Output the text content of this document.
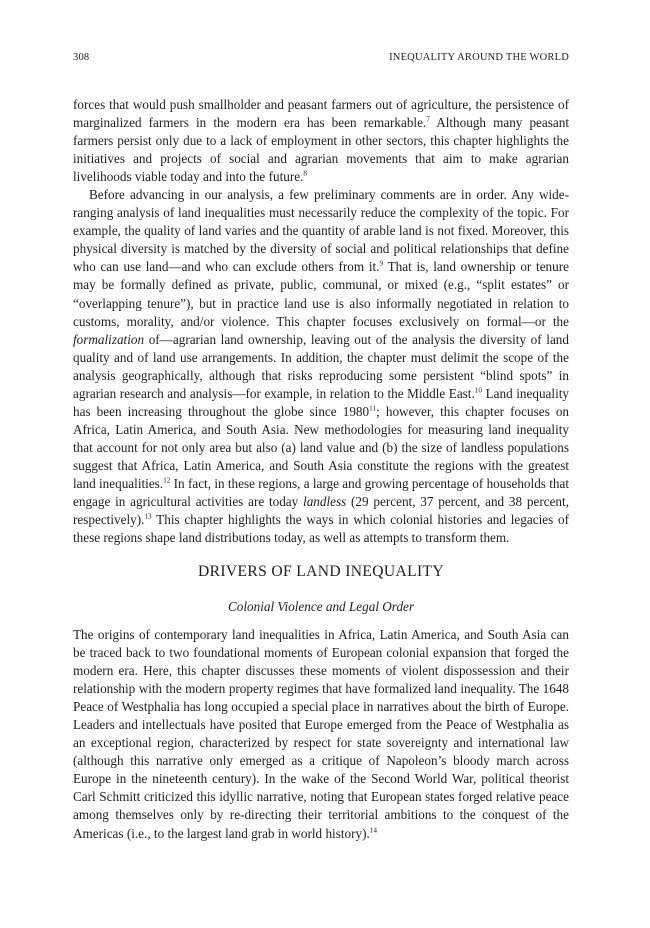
308	INEQUALITY AROUND THE WORLD

forces that would push smallholder and peasant farmers out of agriculture, the persistence of marginalized farmers in the modern era has been remarkable.$^7$ Although many peasant farmers persist only due to a lack of employment in other sectors, this chapter highlights the initiatives and projects of social and agrarian movements that aim to make agrarian livelihoods viable today and into the future.$^8$

Before advancing in our analysis, a few preliminary comments are in order. Any wide-ranging analysis of land inequalities must necessarily reduce the complexity of the topic. For example, the quality of land varies and the quantity of arable land is not fixed. Moreover, this physical diversity is matched by the diversity of social and political relationships that define who can use land—and who can exclude others from it.$^9$ That is, land ownership or tenure may be formally defined as private, public, communal, or mixed (e.g., “split estates” or “overlapping tenure”), but in practice land use is also informally negotiated in relation to customs, morality, and/or violence. This chapter focuses exclusively on formal—or the formalization of—agrarian land ownership, leaving out of the analysis the diversity of land quality and of land use arrangements. In addition, the chapter must delimit the scope of the analysis geographically, although that risks reproducing some persistent “blind spots” in agrarian research and analysis—for example, in relation to the Middle East.$^{10}$ Land inequality has been increasing throughout the globe since 1980$^{11}$; however, this chapter focuses on Africa, Latin America, and South Asia. New methodologies for measuring land inequality that account for not only area but also (a) land value and (b) the size of landless populations suggest that Africa, Latin America, and South Asia constitute the regions with the greatest land inequalities.$^{12}$ In fact, in these regions, a large and growing percentage of households that engage in agricultural activities are today landless (29 percent, 37 percent, and 38 percent, respectively).$^{13}$ This chapter highlights the ways in which colonial histories and legacies of these regions shape land distributions today, as well as attempts to transform them.

DRIVERS OF LAND INEQUALITY
Colonial Violence and Legal Order

The origins of contemporary land inequalities in Africa, Latin America, and South Asia can be traced back to two foundational moments of European colonial expansion that forged the modern era. Here, this chapter discusses these moments of violent dispossession and their relationship with the modern property regimes that have formalized land inequality. The 1648 Peace of Westphalia has long occupied a special place in narratives about the birth of Europe. Leaders and intellectuals have posited that Europe emerged from the Peace of Westphalia as an exceptional region, characterized by respect for state sovereignty and international law (although this narrative only emerged as a critique of Napoleon’s bloody march across Europe in the nineteenth century). In the wake of the Second World War, political theorist Carl Schmitt criticized this idyllic narrative, noting that European states forged relative peace among themselves only by re-directing their territorial ambitions to the conquest of the Americas (i.e., to the largest land grab in world history).$^{14}$
